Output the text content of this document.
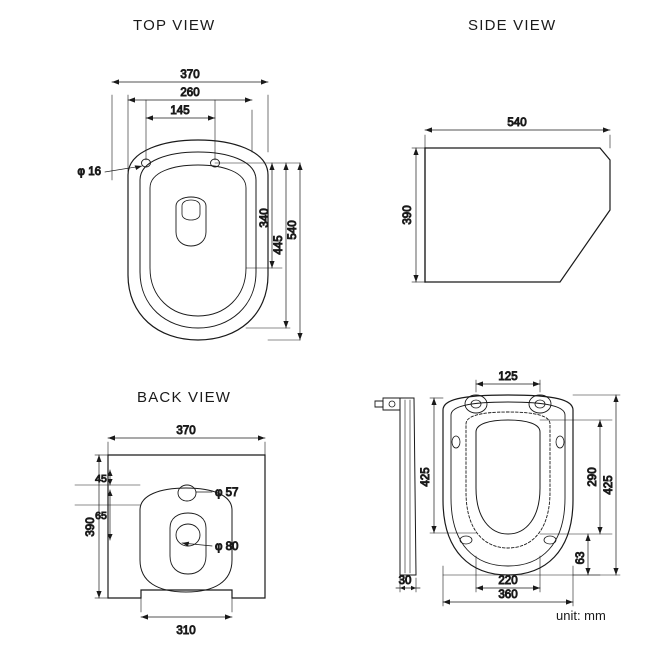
TOP VIEW	SIDE VIEW
BACK VIEW
unit: mm
370
260
145
φ 16
340
445
540
540
390
370
390
45
65
φ 57
φ 80
310
125
425
290
63
425
220
360
30
